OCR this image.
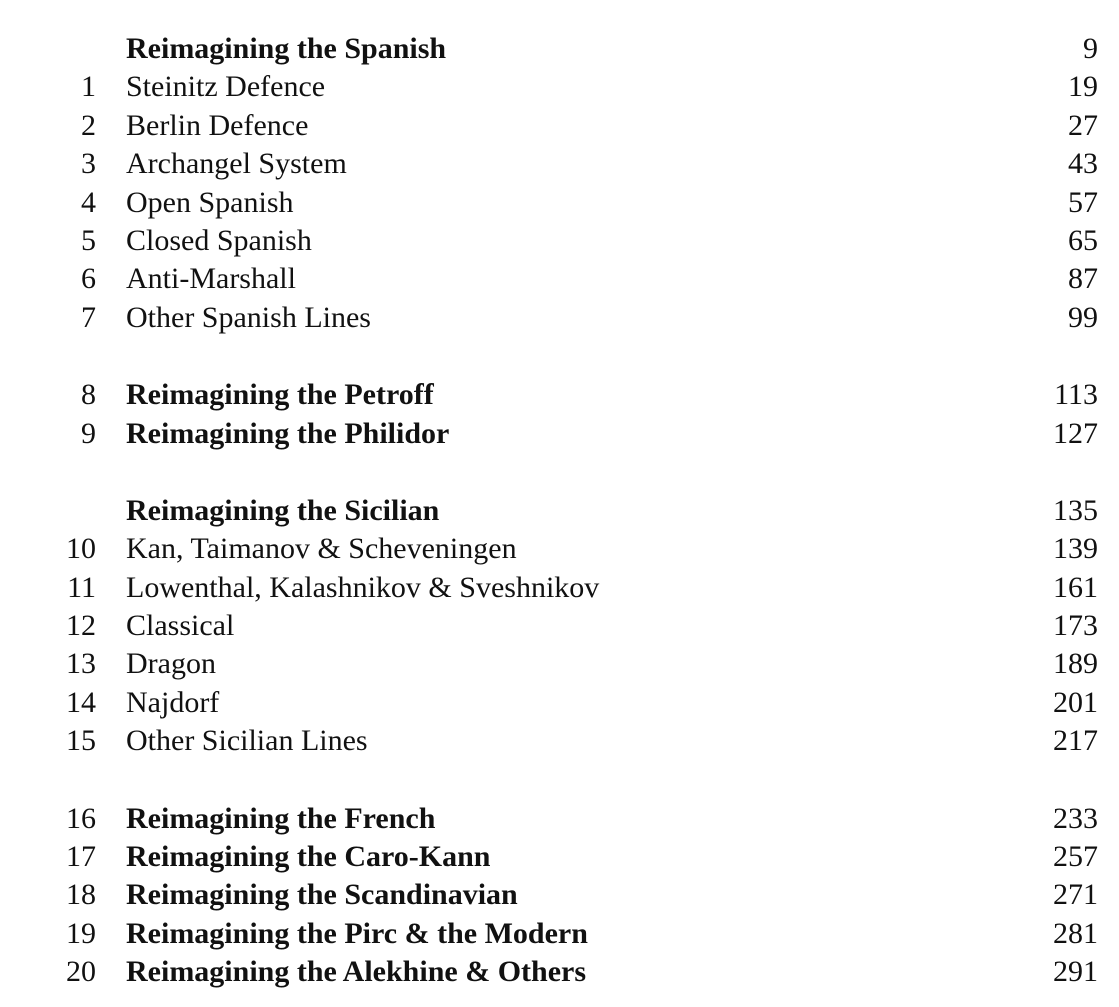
Reimagining the Spanish	9
1 Steinitz Defence	19
2 Berlin Defence	27
3 Archangel System	43
4 Open Spanish	57
5 Closed Spanish	65
6 Anti-Marshall	87
7 Other Spanish Lines	99
8 Reimagining the Petroff	113
9 Reimagining the Philidor	127
Reimagining the Sicilian	135
10 Kan, Taimanov & Scheveningen	139
11 Lowenthal, Kalashnikov & Sveshnikov	161
12 Classical	173
13 Dragon	189
14 Najdorf	201
15 Other Sicilian Lines	217
16 Reimagining the French	233
17 Reimagining the Caro-Kann	257
18 Reimagining the Scandinavian	271
19 Reimagining the Pirc & the Modern	281
20 Reimagining the Alekhine & Others	291
